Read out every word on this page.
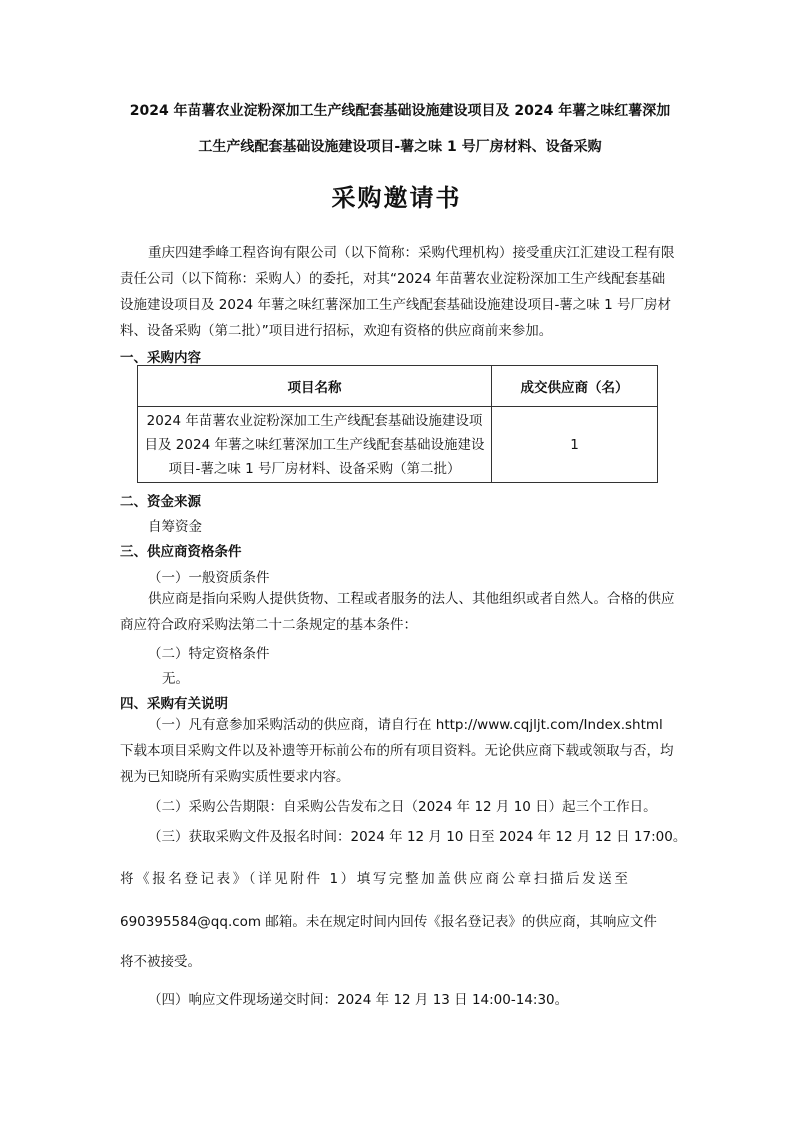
2024 年苗薯农业淀粉深加工生产线配套基础设施建设项目及 2024 年薯之味红薯深加
工生产线配套基础设施建设项目-薯之味 1 号厂房材料、设备采购
采购邀请书
重庆四建季峰工程咨询有限公司（以下简称：采购代理机构）接受重庆江汇建设工程有限责任公司（以下简称：采购人）的委托，对其“2024 年苗薯农业淀粉深加工生产线配套基础设施建设项目及 2024 年薯之味红薯深加工生产线配套基础设施建设项目-薯之味 1 号厂房材料、设备采购（第二批）”项目进行招标，欢迎有资格的供应商前来参加。
一、采购内容
项目名称	成交供应商（名）
2024 年苗薯农业淀粉深加工生产线配套基础设施建设项目及 2024 年薯之味红薯深加工生产线配套基础设施建设项目-薯之味 1 号厂房材料、设备采购（第二批）	1
二、资金来源
自筹资金
三、供应商资格条件
（一）一般资质条件
供应商是指向采购人提供货物、工程或者服务的法人、其他组织或者自然人。合格的供应商应符合政府采购法第二十二条规定的基本条件：
（二）特定资格条件
无。
四、采购有关说明
（一）凡有意参加采购活动的供应商，请自行在 http://www.cqjljt.com/Index.shtml 下载本项目采购文件以及补遗等开标前公布的所有项目资料。无论供应商下载或领取与否，均视为已知晓所有采购实质性要求内容。
（二）采购公告期限：自采购公告发布之日（2024 年 12 月 10 日）起三个工作日。
（三）获取采购文件及报名时间：2024 年 12 月 10 日至 2024 年 12 月 12 日 17:00。
将《报名登记表》（详见附件 1）填写完整加盖供应商公章扫描后发送至
690395584@qq.com 邮箱。未在规定时间内回传《报名登记表》的供应商，其响应文件
将不被接受。
（四）响应文件现场递交时间：2024 年 12 月 13 日 14:00-14:30。
